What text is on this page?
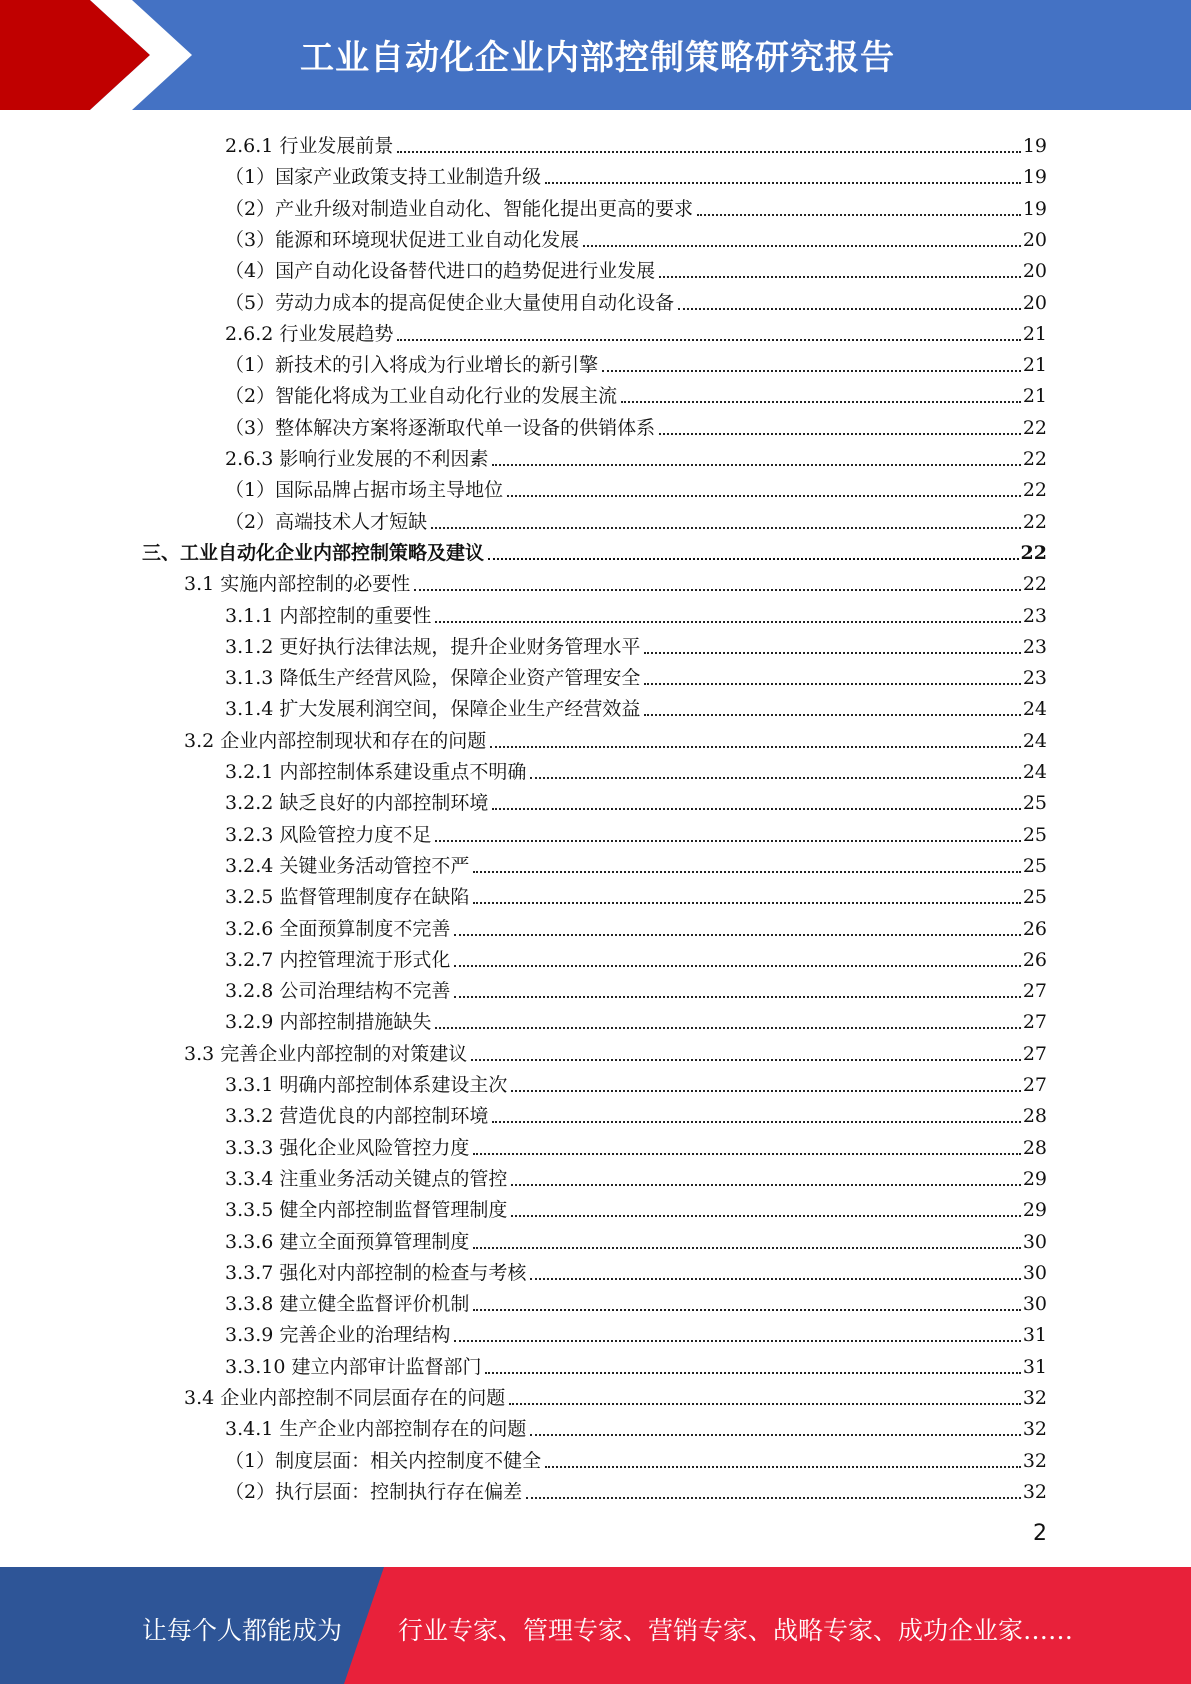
工业自动化企业内部控制策略研究报告
2.6.1 行业发展前景	19
（1）国家产业政策支持工业制造升级	19
（2）产业升级对制造业自动化、智能化提出更高的要求	19
（3）能源和环境现状促进工业自动化发展	20
（4）国产自动化设备替代进口的趋势促进行业发展	20
（5）劳动力成本的提高促使企业大量使用自动化设备	20
2.6.2 行业发展趋势	21
（1）新技术的引入将成为行业增长的新引擎	21
（2）智能化将成为工业自动化行业的发展主流	21
（3）整体解决方案将逐渐取代单一设备的供销体系	22
2.6.3 影响行业发展的不利因素	22
（1）国际品牌占据市场主导地位	22
（2）高端技术人才短缺	22
三、工业自动化企业内部控制策略及建议	22
3.1 实施内部控制的必要性	22
3.1.1 内部控制的重要性	23
3.1.2 更好执行法律法规，提升企业财务管理水平	23
3.1.3 降低生产经营风险，保障企业资产管理安全	23
3.1.4 扩大发展利润空间，保障企业生产经营效益	24
3.2 企业内部控制现状和存在的问题	24
3.2.1 内部控制体系建设重点不明确	24
3.2.2 缺乏良好的内部控制环境	25
3.2.3 风险管控力度不足	25
3.2.4 关键业务活动管控不严	25
3.2.5 监督管理制度存在缺陷	25
3.2.6 全面预算制度不完善	26
3.2.7 内控管理流于形式化	26
3.2.8 公司治理结构不完善	27
3.2.9 内部控制措施缺失	27
3.3 完善企业内部控制的对策建议	27
3.3.1 明确内部控制体系建设主次	27
3.3.2 营造优良的内部控制环境	28
3.3.3 强化企业风险管控力度	28
3.3.4 注重业务活动关键点的管控	29
3.3.5 健全内部控制监督管理制度	29
3.3.6 建立全面预算管理制度	30
3.3.7 强化对内部控制的检查与考核	30
3.3.8 建立健全监督评价机制	30
3.3.9 完善企业的治理结构	31
3.3.10 建立内部审计监督部门	31
3.4 企业内部控制不同层面存在的问题	32
3.4.1 生产企业内部控制存在的问题	32
（1）制度层面：相关内控制度不健全	32
（2）执行层面：控制执行存在偏差	32
2
让每个人都能成为 行业专家、管理专家、营销专家、战略专家、成功企业家……
